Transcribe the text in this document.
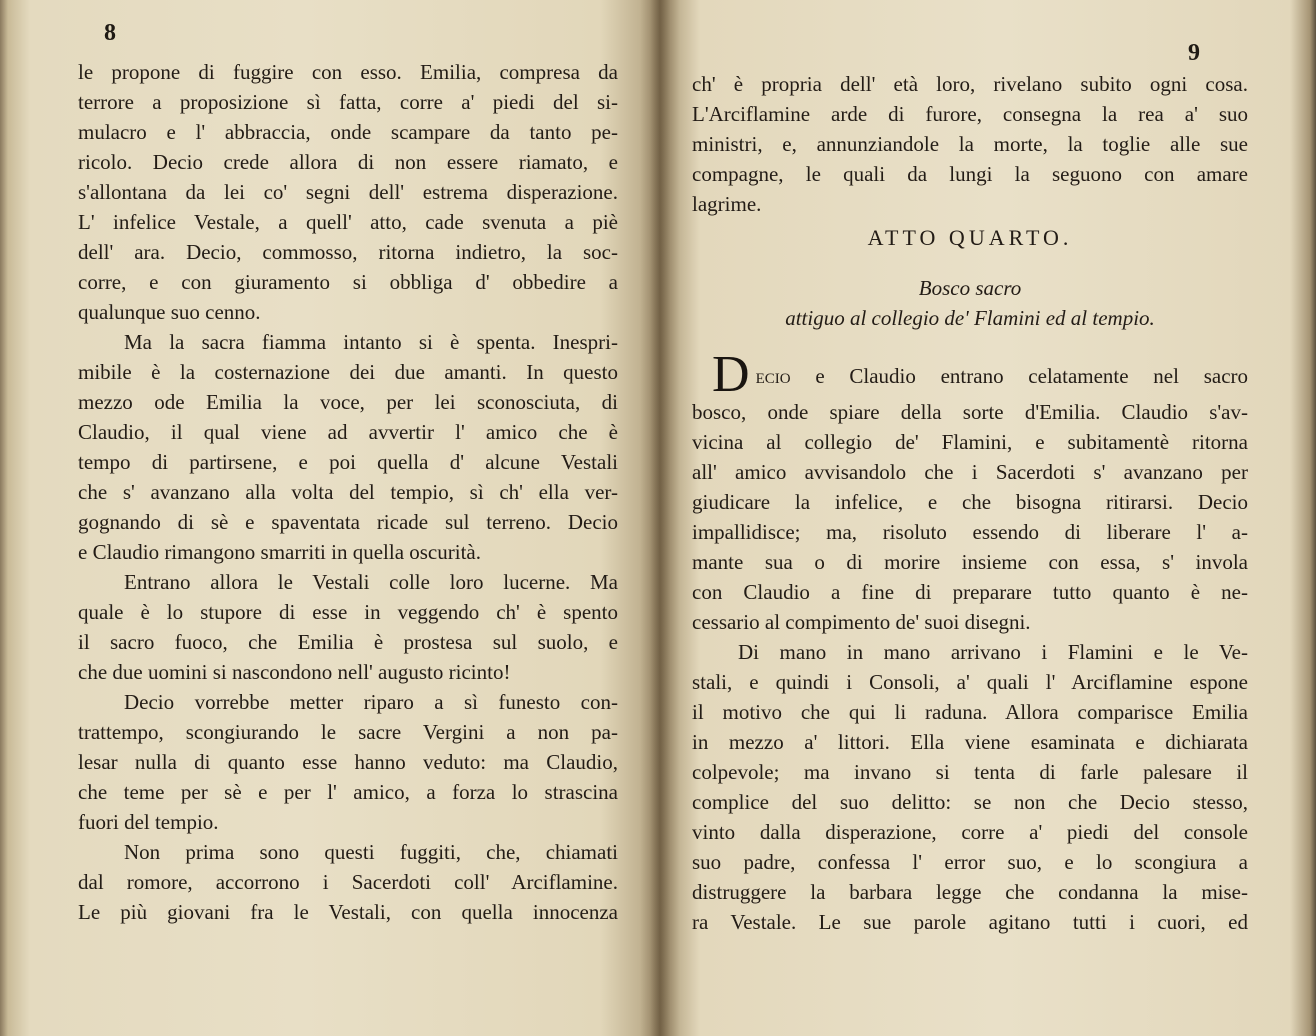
8
le propone di fuggire con esso. Emilia, compresa da
terrore a proposizione sì fatta, corre a' piedi del si-
mulacro e l' abbraccia, onde scampare da tanto pe-
ricolo. Decio crede allora di non essere riamato, e
s'allontana da lei co' segni dell' estrema disperazione.
L' infelice Vestale, a quell' atto, cade svenuta a piè
dell' ara. Decio, commosso, ritorna indietro, la soc-
corre, e con giuramento si obbliga d' obbedire a
qualunque suo cenno.
Ma la sacra fiamma intanto si è spenta. Inespri-
mibile è la costernazione dei due amanti. In questo
mezzo ode Emilia la voce, per lei sconosciuta, di
Claudio, il qual viene ad avvertir l' amico che è
tempo di partirsene, e poi quella d' alcune Vestali
che s' avanzano alla volta del tempio, sì ch' ella ver-
gognando di sè e spaventata ricade sul terreno. Decio
e Claudio rimangono smarriti in quella oscurità.
Entrano allora le Vestali colle loro lucerne. Ma
quale è lo stupore di esse in veggendo ch' è spento
il sacro fuoco, che Emilia è prostesa sul suolo, e
che due uomini si nascondono nell' augusto ricinto!
Decio vorrebbe metter riparo a sì funesto con-
trattempo, scongiurando le sacre Vergini a non pa-
lesar nulla di quanto esse hanno veduto: ma Claudio,
che teme per sè e per l' amico, a forza lo strascina
fuori del tempio.
Non prima sono questi fuggiti, che, chiamati
dal romore, accorrono i Sacerdoti coll' Arciflamine.
Le più giovani fra le Vestali, con quella innocenza
9
ch' è propria dell' età loro, rivelano subito ogni cosa.
L'Arciflamine arde di furore, consegna la rea a' suo
ministri, e, annunziandole la morte, la toglie alle sue
compagne, le quali da lungi la seguono con amare
lagrime.
ATTO QUARTO.
Bosco sacro
attiguo al collegio de' Flamini ed al tempio.
D ecio e Claudio entrano celatamente nel sacro
bosco, onde spiare della sorte d'Emilia. Claudio s'av-
vicina al collegio de' Flamini, e subitamentè ritorna
all' amico avvisandolo che i Sacerdoti s' avanzano per
giudicare la infelice, e che bisogna ritirarsi. Decio
impallidisce; ma, risoluto essendo di liberare l' a-
mante sua o di morire insieme con essa, s' invola
con Claudio a fine di preparare tutto quanto è ne-
cessario al compimento de' suoi disegni.
Di mano in mano arrivano i Flamini e le Ve-
stali, e quindi i Consoli, a' quali l' Arciflamine espone
il motivo che qui li raduna. Allora comparisce Emilia
in mezzo a' littori. Ella viene esaminata e dichiarata
colpevole; ma invano si tenta di farle palesare il
complice del suo delitto: se non che Decio stesso,
vinto dalla disperazione, corre a' piedi del console
suo padre, confessa l' error suo, e lo scongiura a
distruggere la barbara legge che condanna la mise-
ra Vestale. Le sue parole agitano tutti i cuori, ed
